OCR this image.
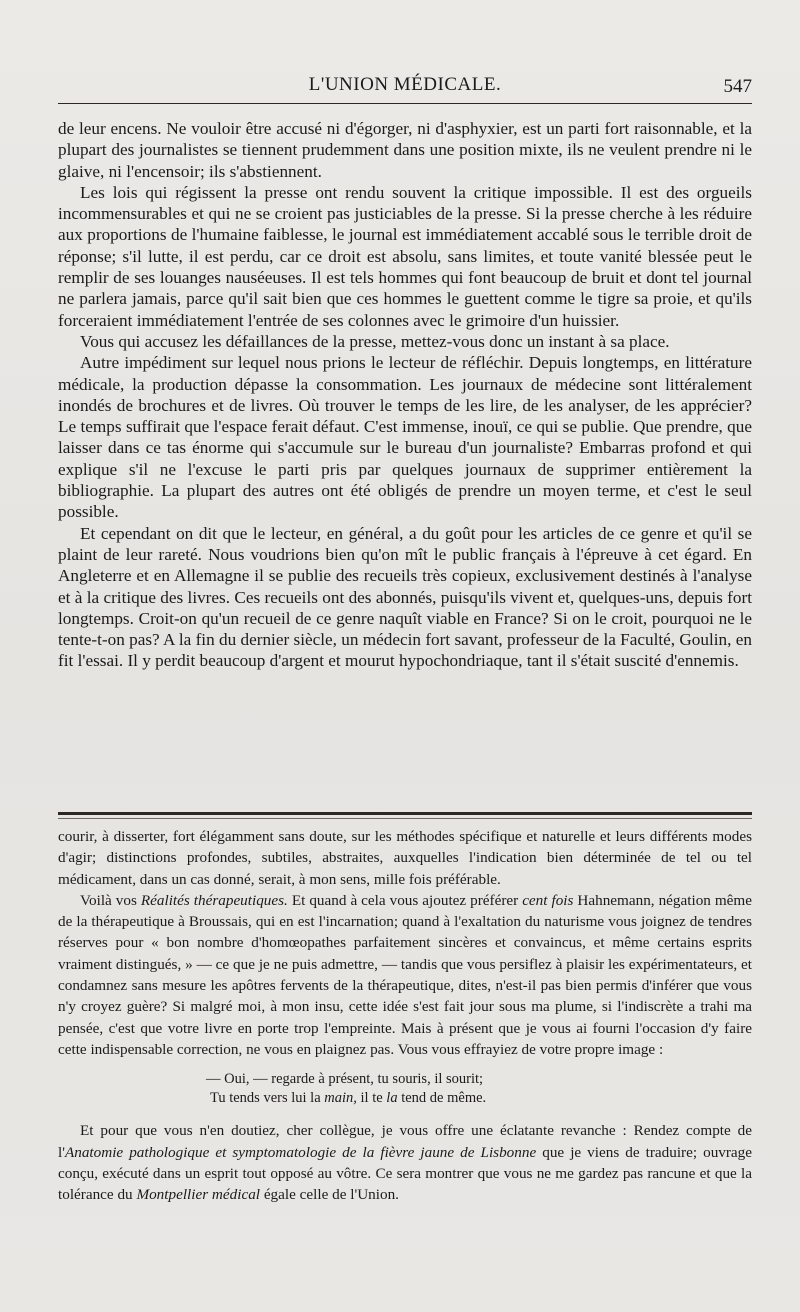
L'UNION MÉDICALE.	547

de leur encens. Ne vouloir être accusé ni d'égorger, ni d'asphyxier, est un parti fort raisonnable, et la plupart des journalistes se tiennent prudemment dans une position mixte, ils ne veulent prendre ni le glaive, ni l'encensoir; ils s'abstiennent.

Les lois qui régissent la presse ont rendu souvent la critique impossible. Il est des orgueils incommensurables et qui ne se croient pas justiciables de la presse. Si la presse cherche à les réduire aux proportions de l'humaine faiblesse, le journal est immédiatement accablé sous le terrible droit de réponse; s'il lutte, il est perdu, car ce droit est absolu, sans limites, et toute vanité blessée peut le remplir de ses louanges nauséeuses. Il est tels hommes qui font beaucoup de bruit et dont tel journal ne parlera jamais, parce qu'il sait bien que ces hommes le guettent comme le tigre sa proie, et qu'ils forceraient immédiatement l'entrée de ses colonnes avec le grimoire d'un huissier.

Vous qui accusez les défaillances de la presse, mettez-vous donc un instant à sa place.

Autre impédiment sur lequel nous prions le lecteur de réfléchir. Depuis longtemps, en littérature médicale, la production dépasse la consommation. Les journaux de médecine sont littéralement inondés de brochures et de livres. Où trouver le temps de les lire, de les analyser, de les apprécier? Le temps suffirait que l'espace ferait défaut. C'est immense, inouï, ce qui se publie. Que prendre, que laisser dans ce tas énorme qui s'accumule sur le bureau d'un journaliste? Embarras profond et qui explique s'il ne l'excuse le parti pris par quelques journaux de supprimer entièrement la bibliographie. La plupart des autres ont été obligés de prendre un moyen terme, et c'est le seul possible.

Et cependant on dit que le lecteur, en général, a du goût pour les articles de ce genre et qu'il se plaint de leur rareté. Nous voudrions bien qu'on mît le public français à l'épreuve à cet égard. En Angleterre et en Allemagne il se publie des recueils très copieux, exclusivement destinés à l'analyse et à la critique des livres. Ces recueils ont des abonnés, puisqu'ils vivent et, quelques-uns, depuis fort longtemps. Croit-on qu'un recueil de ce genre naquît viable en France? Si on le croit, pourquoi ne le tente-t-on pas? A la fin du dernier siècle, un médecin fort savant, professeur de la Faculté, Goulin, en fit l'essai. Il y perdit beaucoup d'argent et mourut hypochondriaque, tant il s'était suscité d'ennemis.

courir, à disserter, fort élégamment sans doute, sur les méthodes spécifique et naturelle et leurs différents modes d'agir; distinctions profondes, subtiles, abstraites, auxquelles l'indication bien déterminée de tel ou tel médicament, dans un cas donné, serait, à mon sens, mille fois préférable.

Voilà vos Réalités thérapeutiques. Et quand à cela vous ajoutez préférer cent fois Hahnemann, négation même de la thérapeutique à Broussais, qui en est l'incarnation; quand à l'exaltation du naturisme vous joignez de tendres réserves pour « bon nombre d'homœopathes parfaitement sincères et convaincus, et même certains esprits vraiment distingués, » — ce que je ne puis admettre, — tandis que vous persiflez à plaisir les expérimentateurs, et condamnez sans mesure les apôtres fervents de la thérapeutique, dites, n'est-il pas bien permis d'inférer que vous n'y croyez guère? Si malgré moi, à mon insu, cette idée s'est fait jour sous ma plume, si l'indiscrète a trahi ma pensée, c'est que votre livre en porte trop l'empreinte. Mais à présent que je vous ai fourni l'occasion d'y faire cette indispensable correction, ne vous en plaignez pas. Vous vous effrayiez de votre propre image :

— Oui, — regarde à présent, tu souris, il sourit;
Tu tends vers lui la main, il te la tend de même.

Et pour que vous n'en doutiez, cher collègue, je vous offre une éclatante revanche : Rendez compte de l'Anatomie pathologique et symptomatologie de la fièvre jaune de Lisbonne que je viens de traduire; ouvrage conçu, exécuté dans un esprit tout opposé au vôtre. Ce sera montrer que vous ne me gardez pas rancune et que la tolérance du Montpellier médical égale celle de l'Union.
